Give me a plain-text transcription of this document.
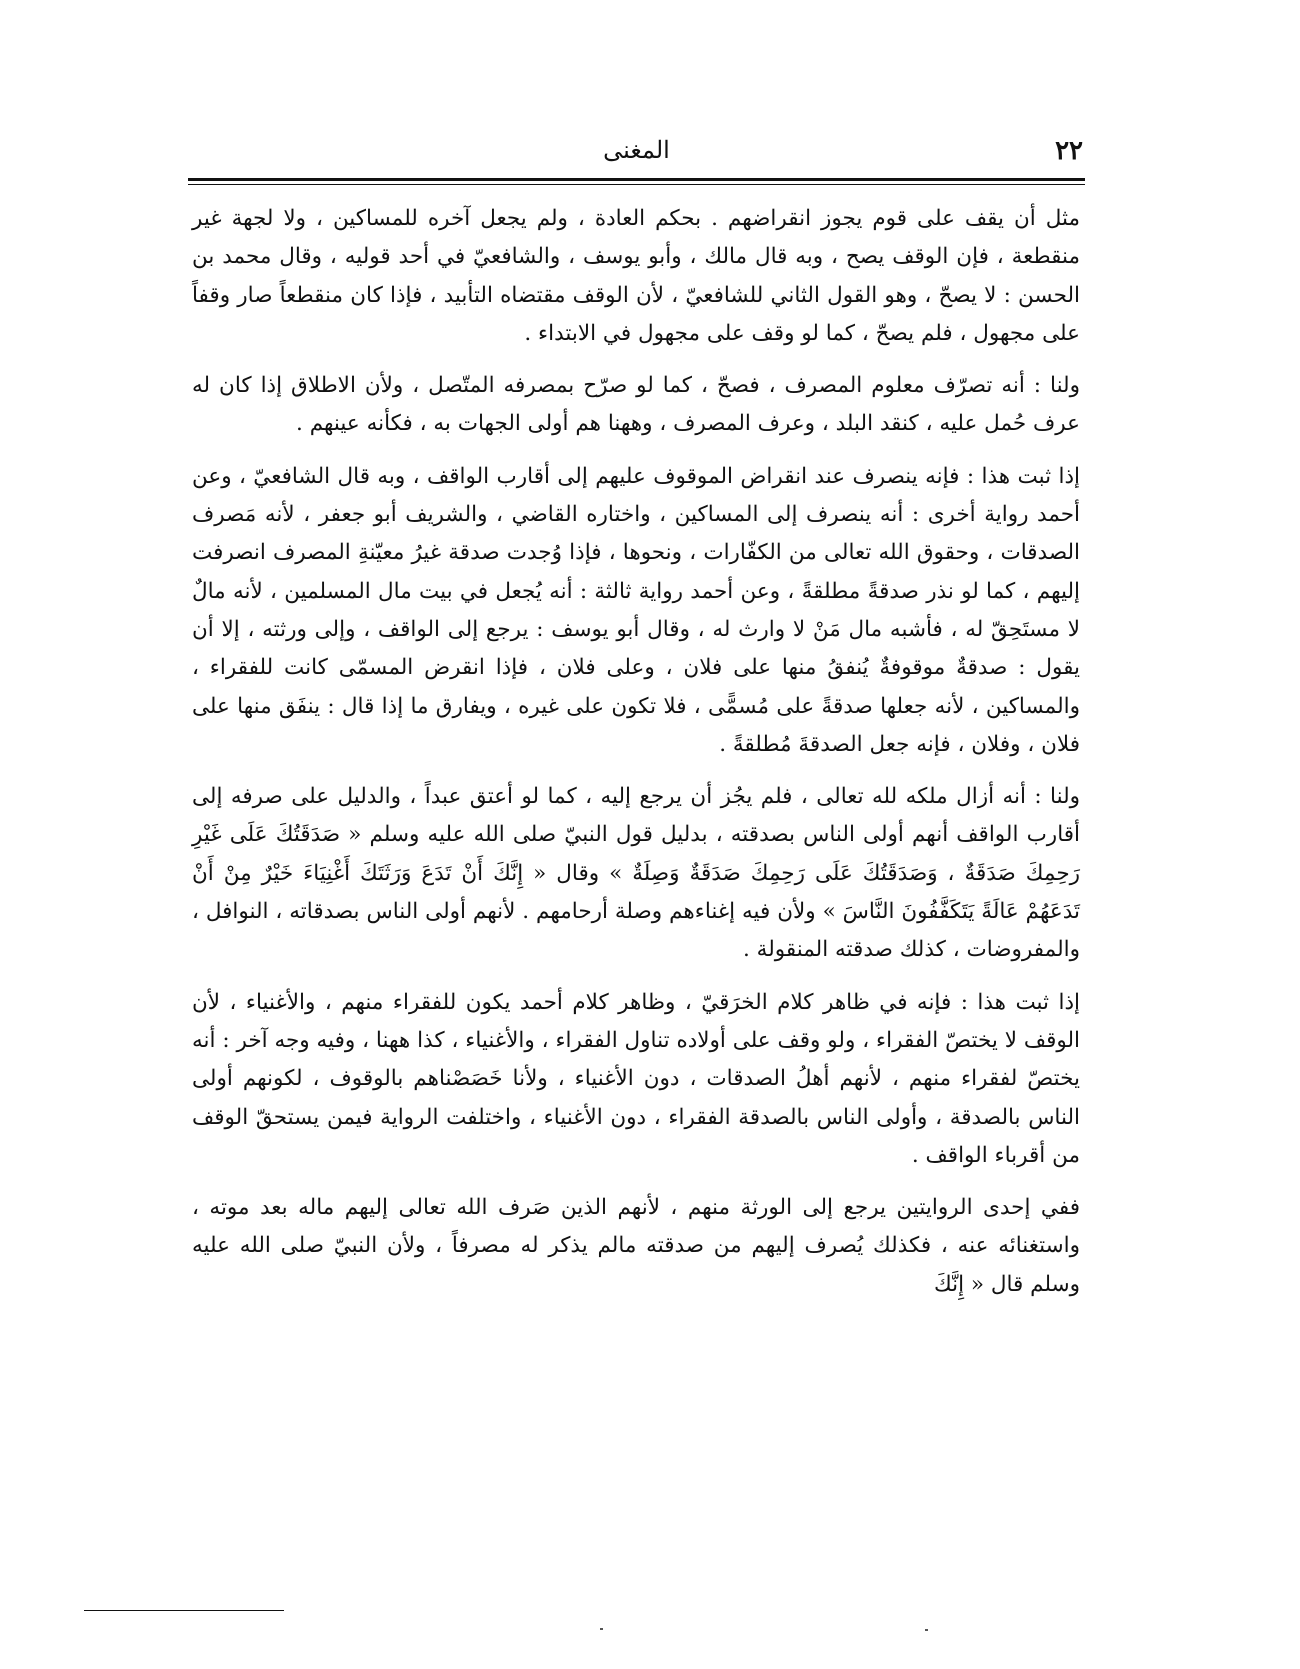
٢٢
المغنى

مثل أن يقف على قوم يجوز انقراضهم . بحكم العادة ، ولم يجعل آخره للمساكين ، ولا لجهة غير منقطعة ، فإن الوقف يصح ، وبه قال مالك ، وأبو يوسف ، والشافعيّ في أحد قوليه ، وقال محمد بن الحسن : لا يصحّ ، وهو القول الثاني للشافعيّ ، لأن الوقف مقتضاه التأبيد ، فإذا كان منقطعاً صار وقفاً على مجهول ، فلم يصحّ ، كما لو وقف على مجهول في الابتداء .

ولنا : أنه تصرّف معلوم المصرف ، فصحّ ، كما لو صرّح بمصرفه المتّصل ، ولأن الاطلاق إذا كان له عرف حُمل عليه ، كنقد البلد ، وعرف المصرف ، وههنا هم أولى الجهات به ، فكأنه عينهم .

إذا ثبت هذا : فإنه ينصرف عند انقراض الموقوف عليهم إلى أقارب الواقف ، وبه قال الشافعيّ ، وعن أحمد رواية أخرى : أنه ينصرف إلى المساكين ، واختاره القاضي ، والشريف أبو جعفر ، لأنه مَصرف الصدقات ، وحقوق الله تعالى من الكفّارات ، ونحوها ، فإذا وُجدت صدقة غيرُ معيّنةِ المصرف انصرفت إليهم ، كما لو نذر صدقةً مطلقةً ، وعن أحمد رواية ثالثة : أنه يُجعل في بيت مال المسلمين ، لأنه مالٌ لا مستَحِقّ له ، فأشبه مال مَنْ لا وارث له ، وقال أبو يوسف : يرجع إلى الواقف ، وإلى ورثته ، إلا أن يقول : صدقةٌ موقوفةٌ يُنفقُ منها على فلان ، وعلى فلان ، فإذا انقرض المسمّى كانت للفقراء ، والمساكين ، لأنه جعلها صدقةً على مُسمًّى ، فلا تكون على غيره ، ويفارق ما إذا قال : ينفَق منها على فلان ، وفلان ، فإنه جعل الصدقةَ مُطلقةً .

ولنا : أنه أزال ملكه لله تعالى ، فلم يجُز أن يرجع إليه ، كما لو أعتق عبداً ، والدليل على صرفه إلى أقارب الواقف أنهم أولى الناس بصدقته ، بدليل قول النبيّ صلى الله عليه وسلم « صَدَقَتُكَ عَلَى غَيْرِ رَحِمِكَ صَدَقَةٌ ، وَصَدَقَتُكَ عَلَى رَحِمِكَ صَدَقَةٌ وَصِلَةٌ » وقال « إِنَّكَ أَنْ تَدَعَ وَرَثَتَكَ أَغْنِيَاءَ خَيْرٌ مِنْ أَنْ تَدَعَهُمْ عَالَةً يَتَكَفَّفُونَ النَّاسَ » ولأن فيه إغناءهم وصلة أرحامهم . لأنهم أولى الناس بصدقاته ، النوافل ، والمفروضات ، كذلك صدقته المنقولة .

إذا ثبت هذا : فإنه في ظاهر كلام الخرَقيّ ، وظاهر كلام أحمد يكون للفقراء منهم ، والأغنياء ، لأن الوقف لا يختصّ الفقراء ، ولو وقف على أولاده تناول الفقراء ، والأغنياء ، كذا ههنا ، وفيه وجه آخر : أنه يختصّ لفقراء منهم ، لأنهم أهلُ الصدقات ، دون الأغنياء ، ولأنا خَصَصْناهم بالوقوف ، لكونهم أولى الناس بالصدقة ، وأولى الناس بالصدقة الفقراء ، دون الأغنياء ، واختلفت الرواية فيمن يستحقّ الوقف من أقرباء الواقف .

ففي إحدى الروايتين يرجع إلى الورثة منهم ، لأنهم الذين صَرف الله تعالى إليهم ماله بعد موته ، واستغنائه عنه ، فكذلك يُصرف إليهم من صدقته مالم يذكر له مصرفاً ، ولأن النبيّ صلى الله عليه وسلم قال « إِنَّكَ
